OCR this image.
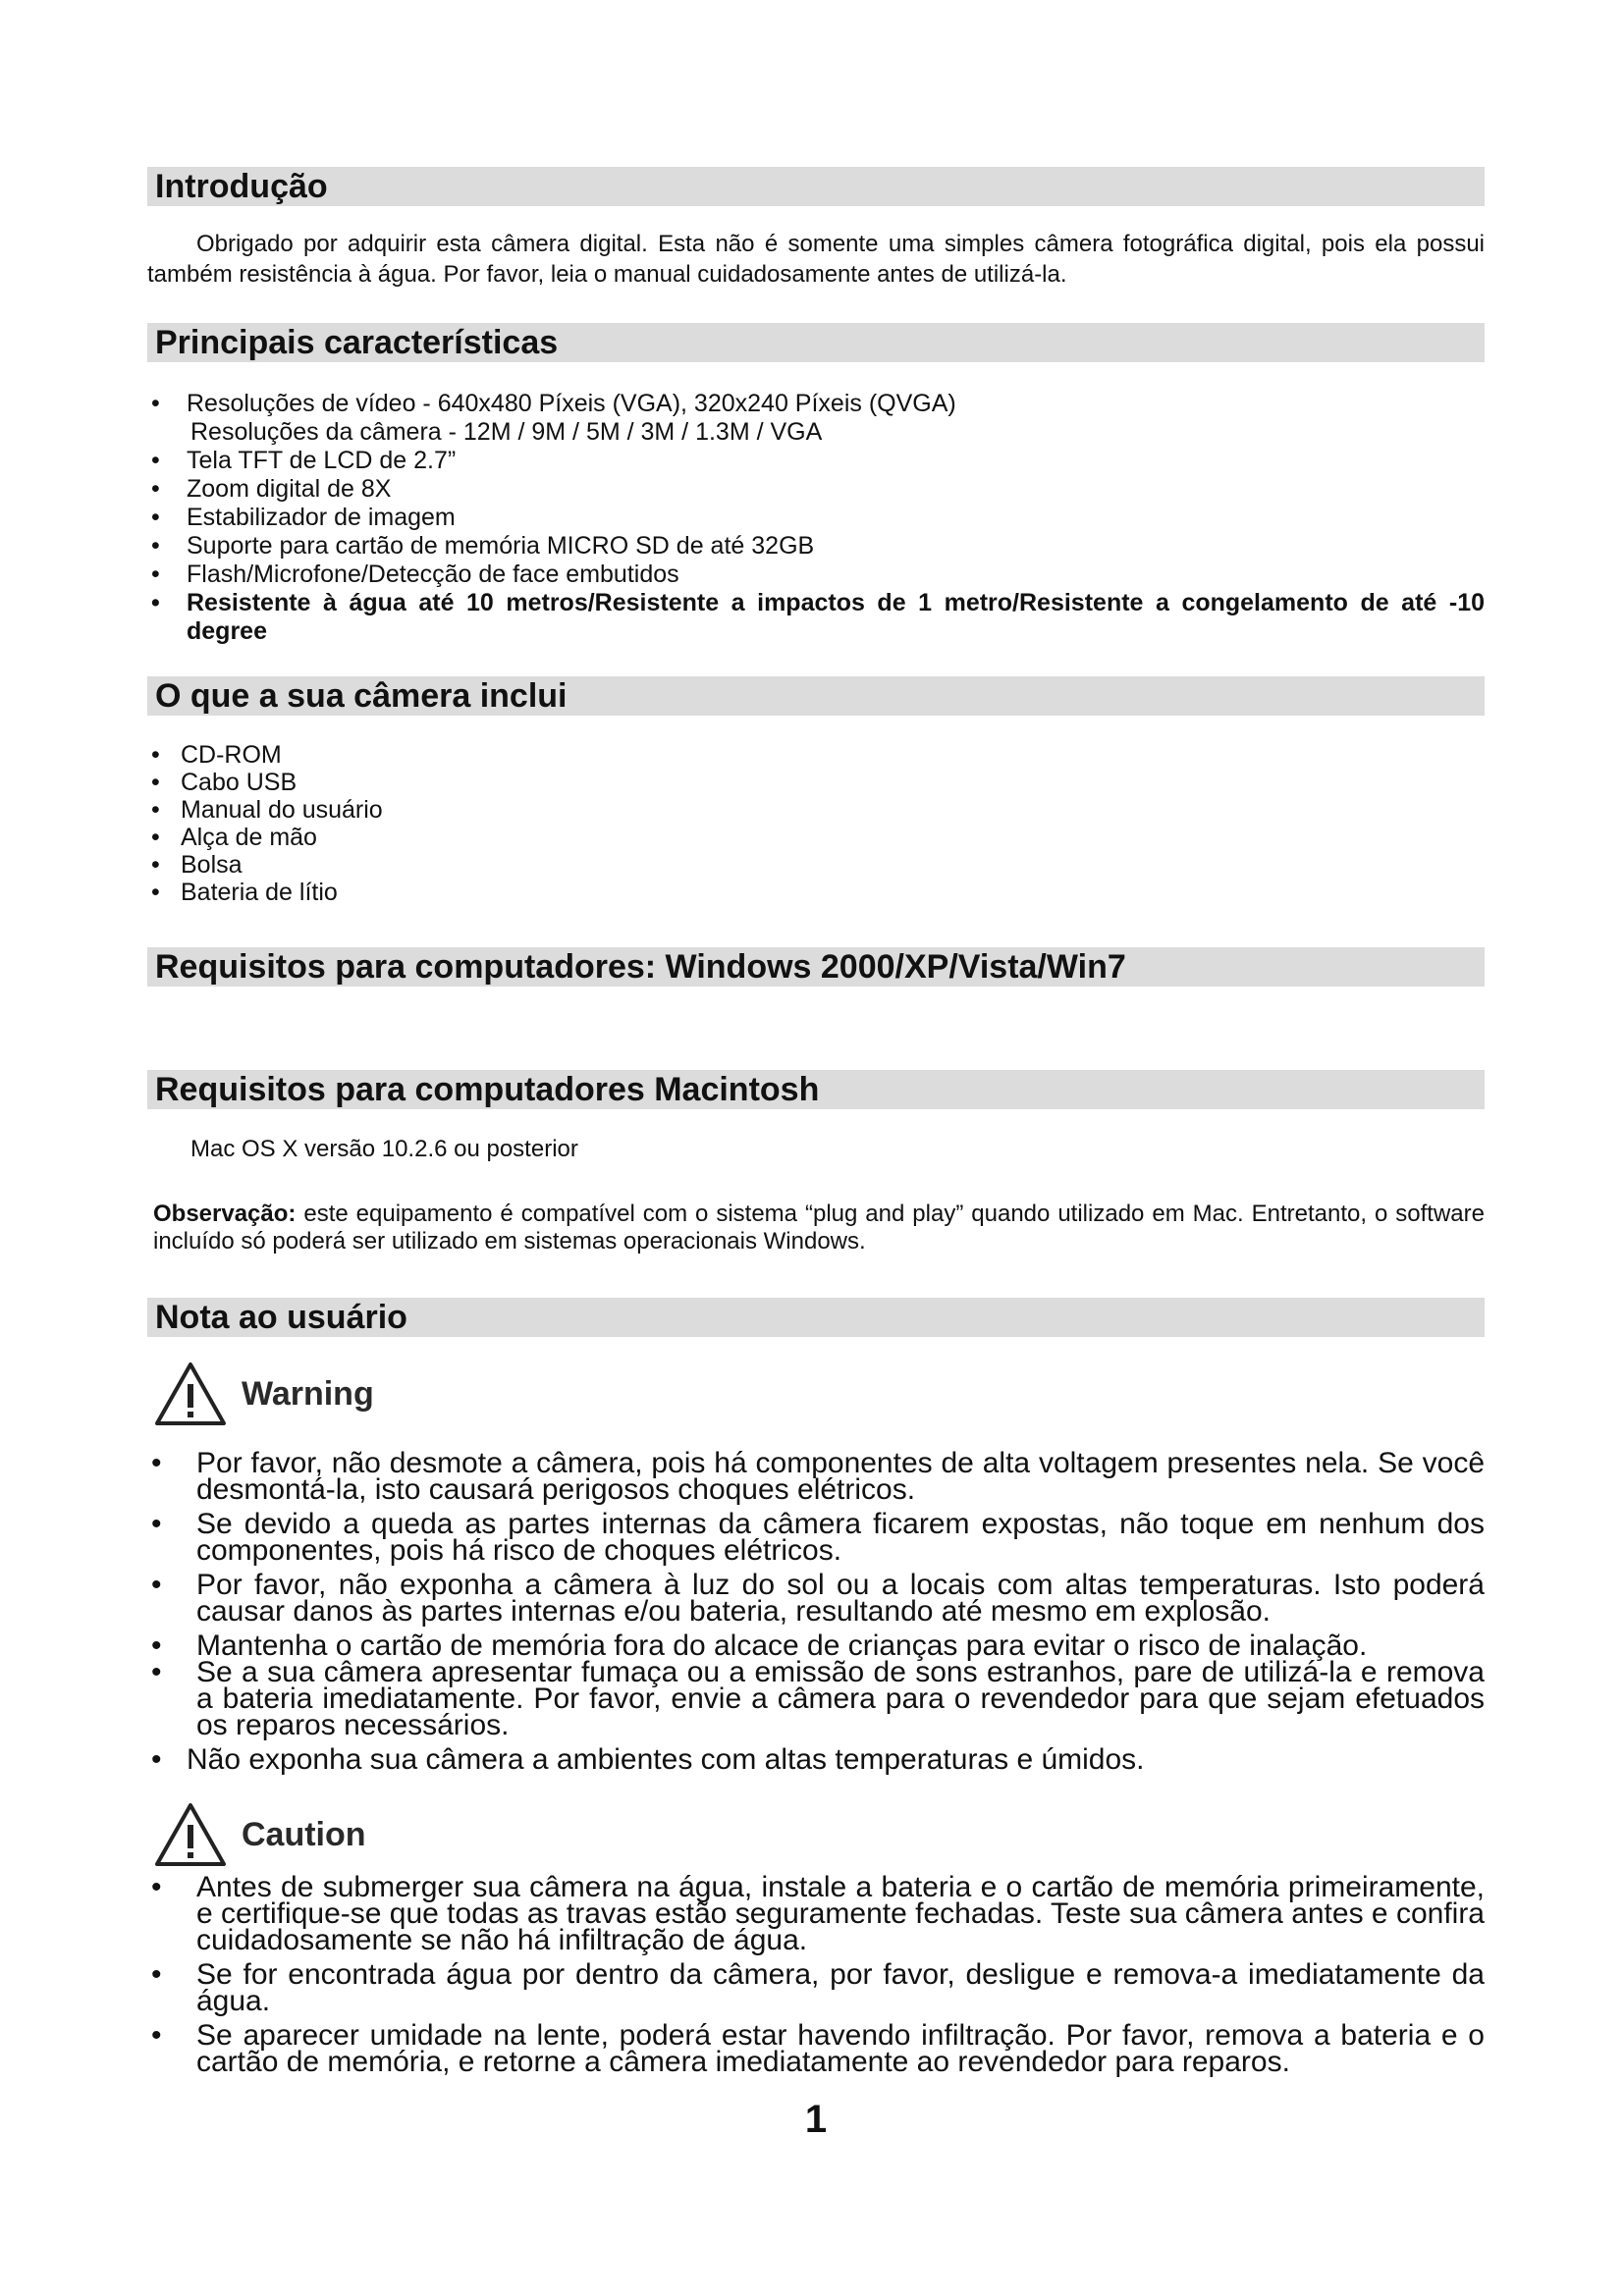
Introdução
Obrigado por adquirir esta câmera digital. Esta não é somente uma simples câmera fotográfica digital, pois ela possui também resistência à água. Por favor, leia o manual cuidadosamente antes de utilizá-la.
Principais características
• Resoluções de vídeo - 640x480 Píxeis (VGA), 320x240 Píxeis (QVGA)
Resoluções da câmera - 12M / 9M / 5M / 3M / 1.3M / VGA
• Tela TFT de LCD de 2.7”
• Zoom digital de 8X
• Estabilizador de imagem
• Suporte para cartão de memória MICRO SD de até 32GB
• Flash/Microfone/Detecção de face embutidos
• Resistente à água até 10 metros/Resistente a impactos de 1 metro/Resistente a congelamento de até -10 degree
O que a sua câmera inclui
• CD-ROM
• Cabo USB
• Manual do usuário
• Alça de mão
• Bolsa
• Bateria de lítio
Requisitos para computadores: Windows 2000/XP/Vista/Win7
Requisitos para computadores Macintosh
Mac OS X versão 10.2.6 ou posterior
Observação: este equipamento é compatível com o sistema “plug and play” quando utilizado em Mac. Entretanto, o software incluído só poderá ser utilizado em sistemas operacionais Windows.
Nota ao usuário
Warning
• Por favor, não desmote a câmera, pois há componentes de alta voltagem presentes nela. Se você desmontá-la, isto causará perigosos choques elétricos.
• Se devido a queda as partes internas da câmera ficarem expostas, não toque em nenhum dos componentes, pois há risco de choques elétricos.
• Por favor, não exponha a câmera à luz do sol ou a locais com altas temperaturas. Isto poderá causar danos às partes internas e/ou bateria, resultando até mesmo em explosão.
• Mantenha o cartão de memória fora do alcace de crianças para evitar o risco de inalação.
• Se a sua câmera apresentar fumaça ou a emissão de sons estranhos, pare de utilizá-la e remova a bateria imediatamente. Por favor, envie a câmera para o revendedor para que sejam efetuados os reparos necessários.
• Não exponha sua câmera a ambientes com altas temperaturas e úmidos.
Caution
• Antes de submerger sua câmera na água, instale a bateria e o cartão de memória primeiramente, e certifique-se que todas as travas estão seguramente fechadas. Teste sua câmera antes e confira cuidadosamente se não há infiltração de água.
• Se for encontrada água por dentro da câmera, por favor, desligue e remova-a imediatamente da água.
• Se aparecer umidade na lente, poderá estar havendo infiltração. Por favor, remova a bateria e o cartão de memória, e retorne a câmera imediatamente ao revendedor para reparos.
1
